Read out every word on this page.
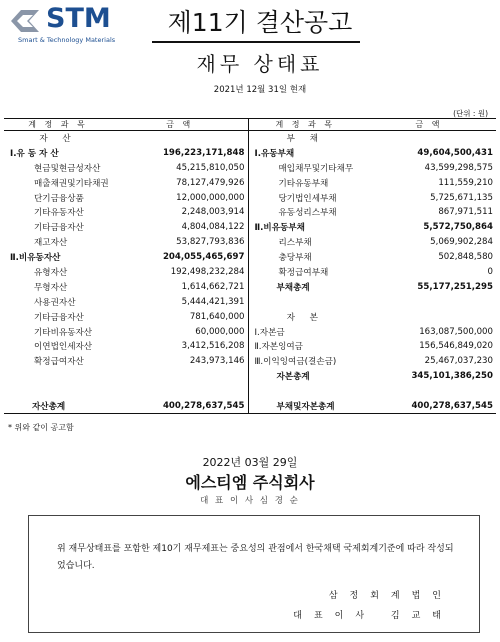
STM
Smart & Technology Materials
제11기 결산공고
재무 상태표
2021년 12월 31일 현재
(단위 : 원)
계 정 과 목	금 액	계 정 과 목	금 액
자 산		부 채	
Ⅰ.유 동 자 산	196,223,171,848	Ⅰ.유동부채	49,604,500,431
현금및현금성자산	45,215,810,050	매입채무및기타채무	43,599,298,575
매출채권및기타채권	78,127,479,926	기타유동부채	111,559,210
단기금융상품	12,000,000,000	당기법인세부채	5,725,671,135
기타유동자산	2,248,003,914	유동성리스부채	867,971,511
기타금융자산	4,804,084,122	Ⅱ.비유동부채	5,572,750,864
재고자산	53,827,793,836	리스부채	5,069,902,284
Ⅱ.비유동자산	204,055,465,697	충당부채	502,848,580
유형자산	192,498,232,284	확정급여부채	0
무형자산	1,614,662,721	부채총계	55,177,251,295
사용권자산	5,444,421,391		
기타금융자산	781,640,000	자 본	
기타비유동자산	60,000,000	Ⅰ.자본금	163,087,500,000
이연법인세자산	3,412,516,208	Ⅱ.자본잉여금	156,546,849,020
확정급여자산	243,973,146	Ⅲ.이익잉여금(결손금)	25,467,037,230
		자본총계	345,101,386,250

자산총계	400,278,637,545	부채및자본총계	400,278,637,545
* 위와 같이 공고함
2022년 03월 29일
에스티엠 주식회사
대 표 이 사 심 경 순
위 재무상태표를 포함한 제10기 재무제표는 중요성의 관점에서 한국채택 국제회계기준에 따라 작성되었습니다.
삼정회계법인
대표이사 김교태
